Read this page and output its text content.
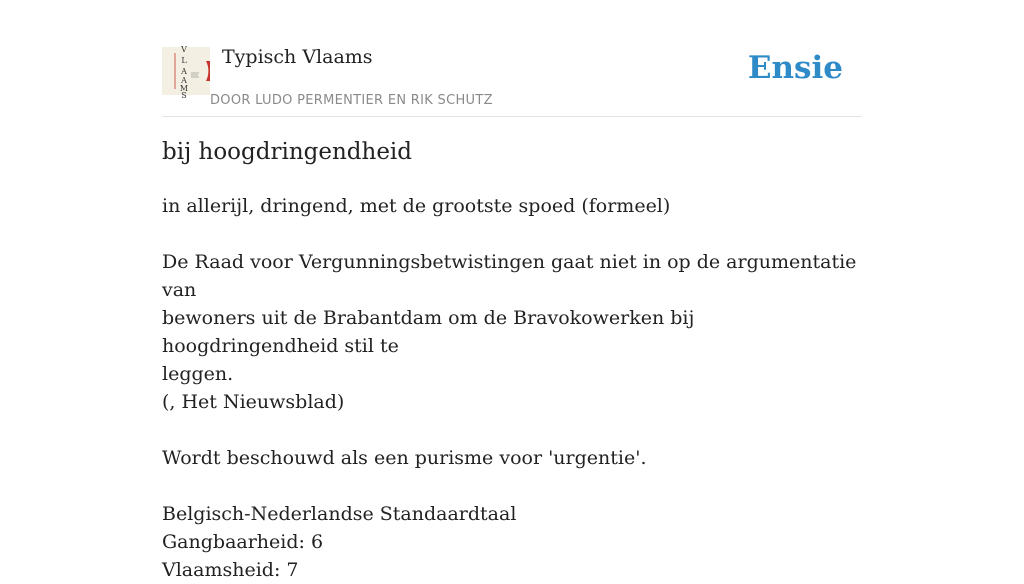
V
L
A
A
M
S
Typisch Vlaams
DOOR LUDO PERMENTIER EN RIK SCHUTZ
Ensie
bij hoogdringendheid

in allerijl, dringend, met de grootste spoed (formeel)

De Raad voor Vergunningsbetwistingen gaat niet in op de argumentatie van

bewoners uit de Brabantdam om de Bravokowerken bij hoogdringendheid stil te

leggen.

(, Het Nieuwsblad)

Wordt beschouwd als een purisme voor 'urgentie'.

Belgisch-Nederlandse Standaardtaal

Gangbaarheid: 6

Vlaamsheid: 7
